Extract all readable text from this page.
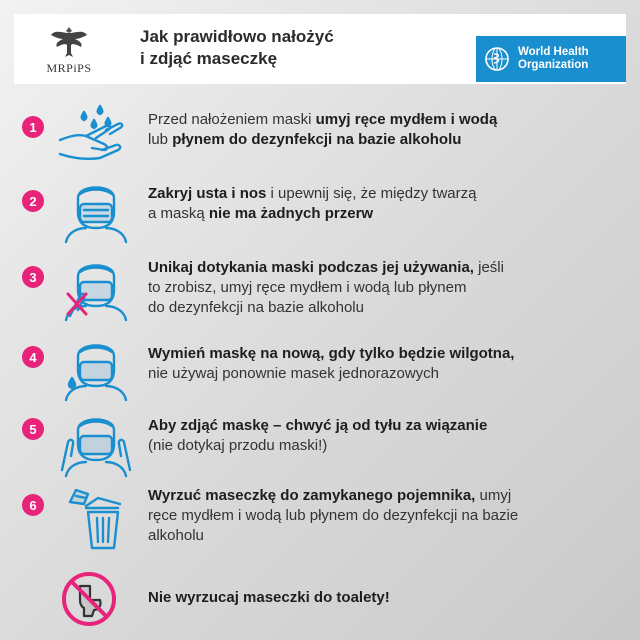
MRPiPS
Jak prawidłowo nałożyć
i zdjąć maseczkę	World Health
Organization
1	Przed nałożeniem maski umyj ręce mydłem i wodą
lub płynem do dezynfekcji na bazie alkoholu
2	Zakryj usta i nos i upewnij się, że między twarzą
a maską nie ma żadnych przerw
3
Unikaj dotykania maski podczas jej używania, jeśli
to zrobisz, umyj ręce mydłem i wodą lub płynem
do dezynfekcji na bazie alkoholu
4	Wymień maskę na nową, gdy tylko będzie wilgotna,
nie używaj ponownie masek jednorazowych
5	Aby zdjąć maskę – chwyć ją od tyłu za wiązanie
(nie dotykaj przodu maski!)
6
Wyrzuć maseczkę do zamykanego pojemnika, umyj
ręce mydłem i wodą lub płynem do dezynfekcji na bazie
alkoholu
Nie wyrzucaj maseczki do toalety!
